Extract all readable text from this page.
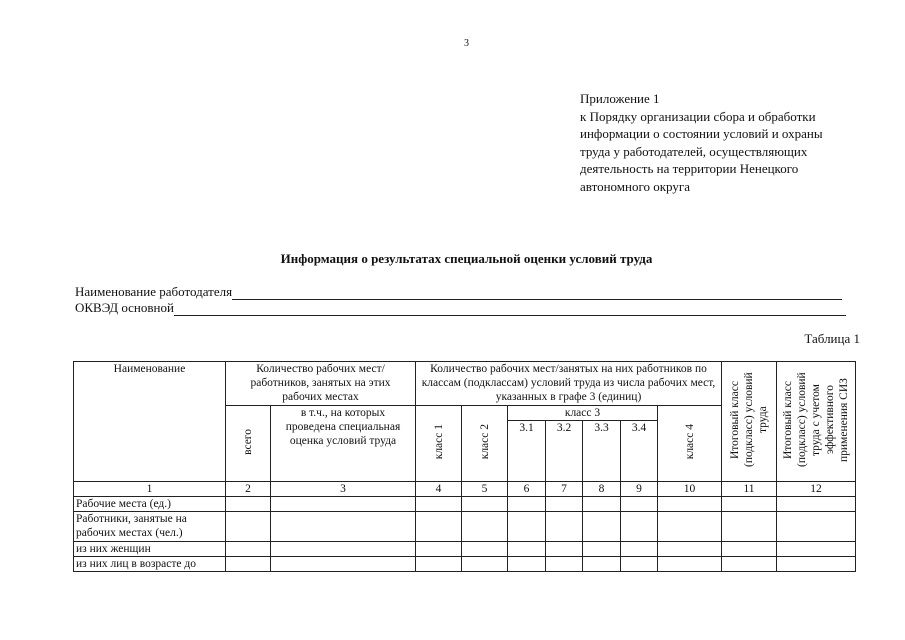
3
Приложение 1
к Порядку организации сбора и обработки
информации о состоянии условий и охраны
труда у работодателей, осуществляющих
деятельность на территории Ненецкого
автономного округа
Информация о результатах специальной оценки условий труда
Наименование работодателя
ОКВЭД основной
Таблица 1
Наименование	Количество рабочих мест/ работников, занятых на этих рабочих местах		Количество рабочих мест/занятых на них работников по классам (подклассам) условий труда из числа рабочих мест, указанных в графе 3 (единиц)							Итоговый класс (подкласс) условий труда	Итоговый класс (подкласс) условий труда с учетом эффективного применения СИЗ
	всего	в т.ч., на которых проведена специальная оценка условий труда	класс 1	класс 2	класс 3				класс 4		
					3.1	3.2	3.3	3.4			
1	2	3	4	5	6	7	8	9	10	11	12
Рабочие места (ед.)											
Работники, занятые на рабочих местах (чел.)											
из них женщин											
из них лиц в возрасте до											
